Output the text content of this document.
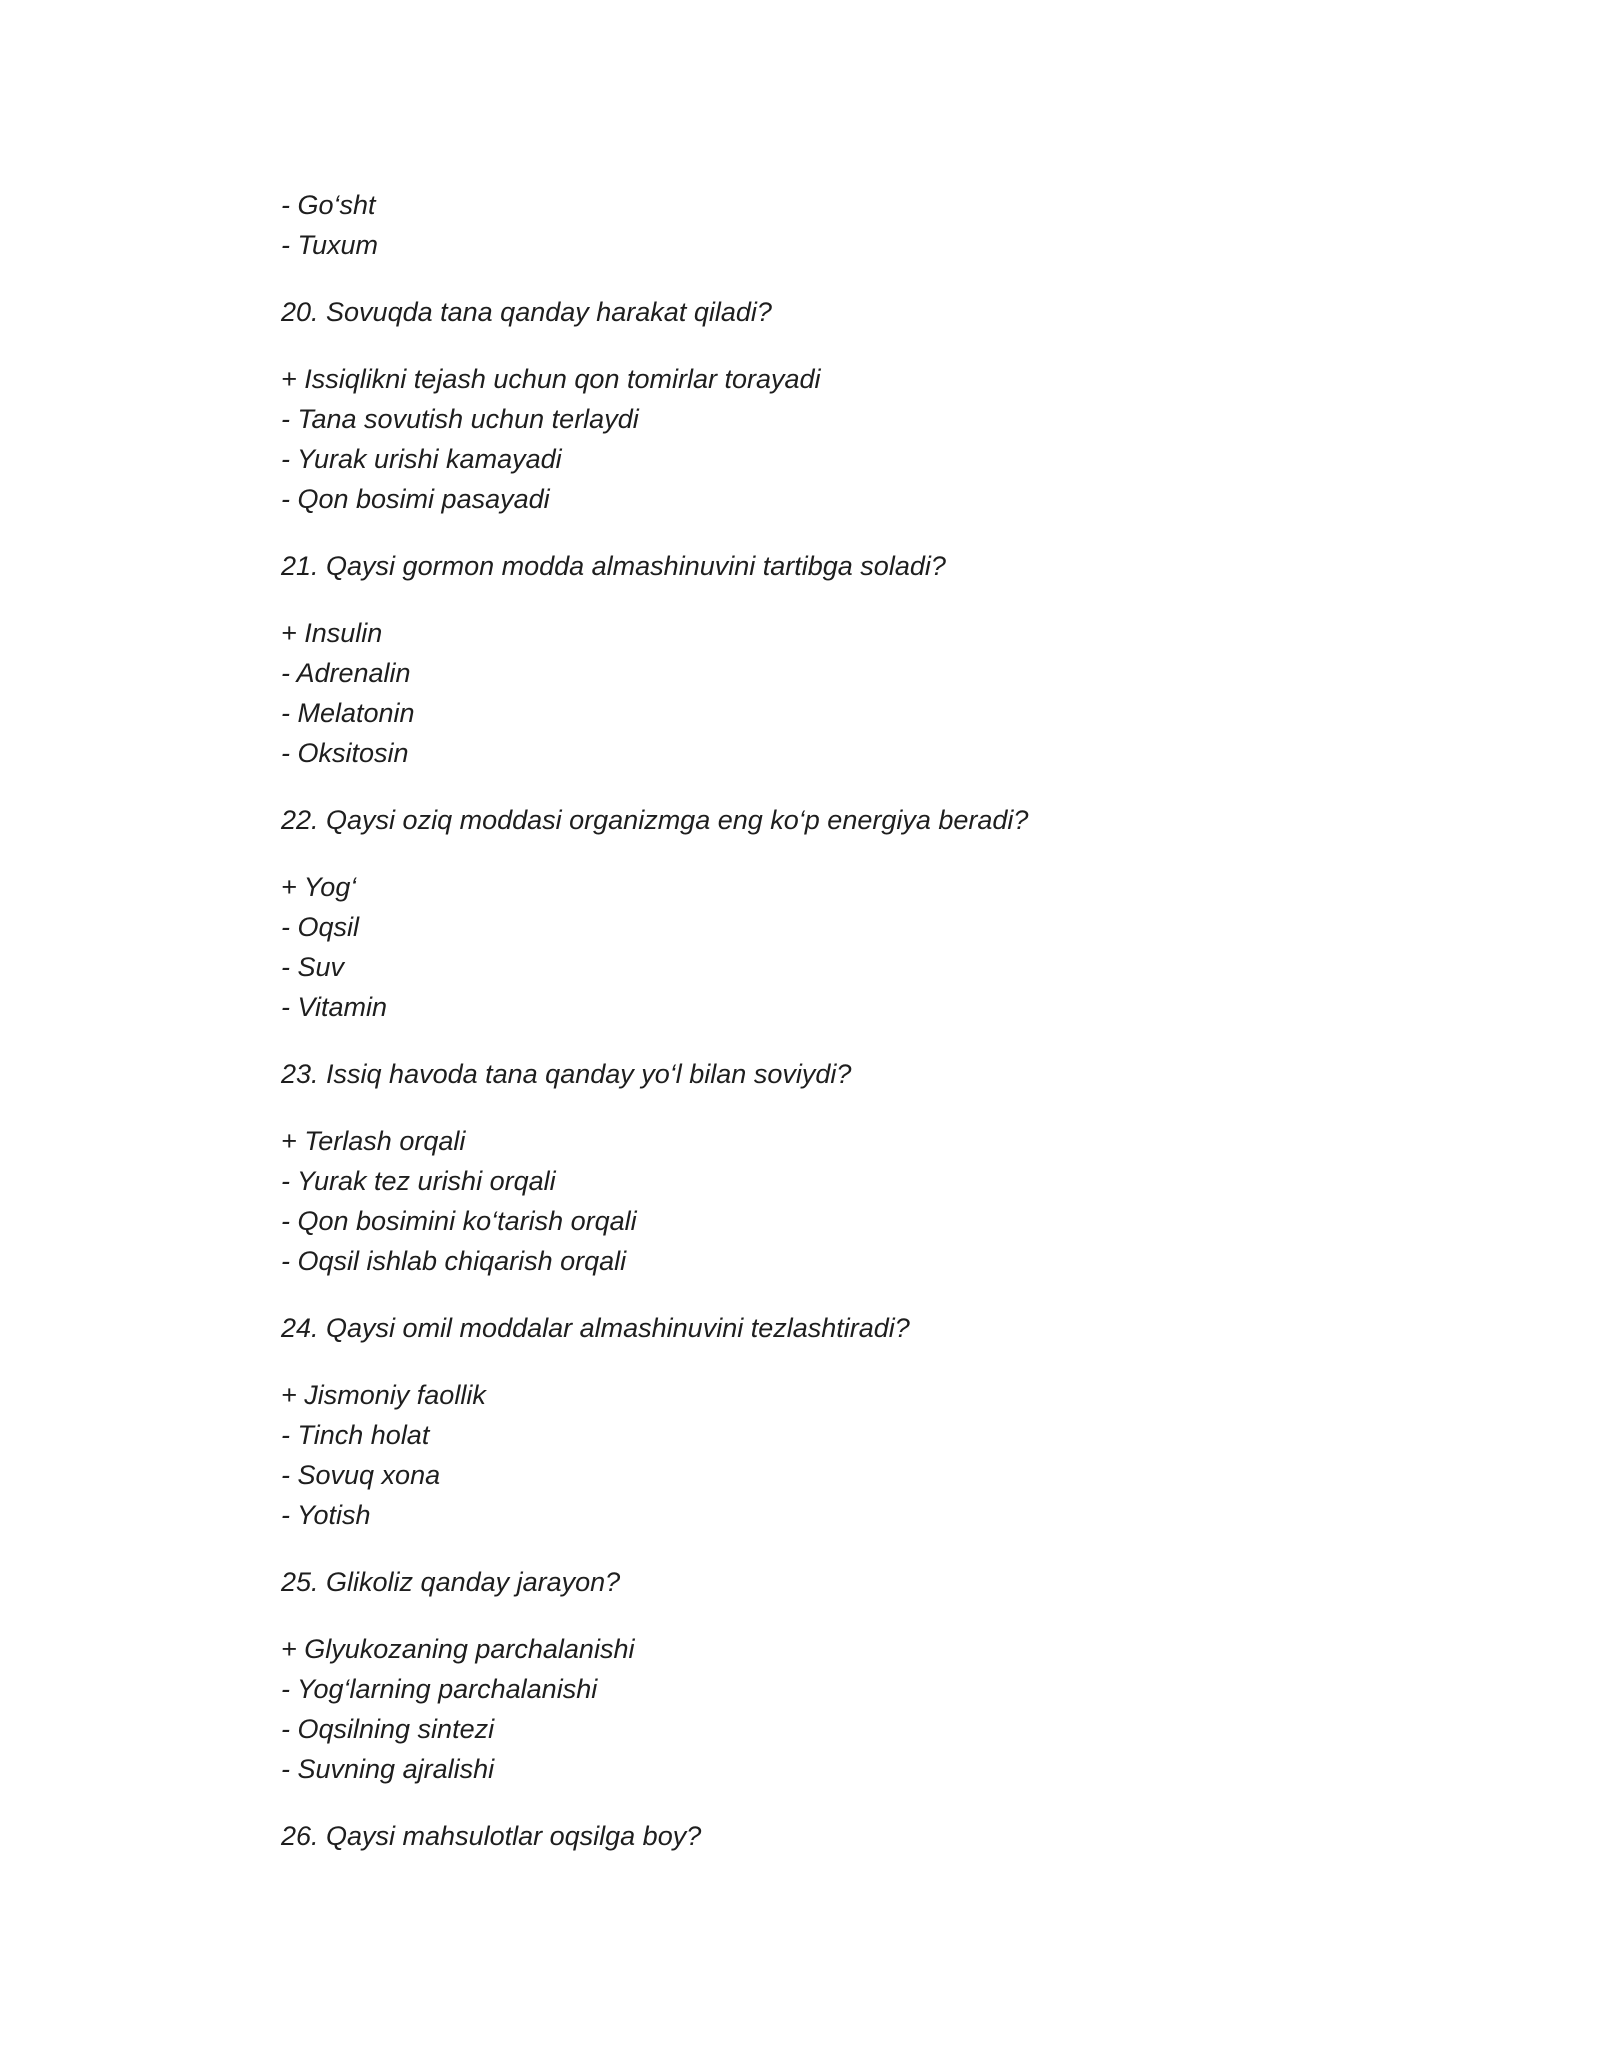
- Go‘sht
- Tuxum
20. Sovuqda tana qanday harakat qiladi?
+ Issiqlikni tejash uchun qon tomirlar torayadi
- Tana sovutish uchun terlaydi
- Yurak urishi kamayadi
- Qon bosimi pasayadi
21. Qaysi gormon modda almashinuvini tartibga soladi?
+ Insulin
- Adrenalin
- Melatonin
- Oksitosin
22. Qaysi oziq moddasi organizmga eng ko‘p energiya beradi?
+ Yog‘
- Oqsil
- Suv
- Vitamin
23. Issiq havoda tana qanday yo‘l bilan soviydi?
+ Terlash orqali
- Yurak tez urishi orqali
- Qon bosimini ko‘tarish orqali
- Oqsil ishlab chiqarish orqali
24. Qaysi omil moddalar almashinuvini tezlashtiradi?
+ Jismoniy faollik
- Tinch holat
- Sovuq xona
- Yotish
25. Glikoliz qanday jarayon?
+ Glyukozaning parchalanishi
- Yog‘larning parchalanishi
- Oqsilning sintezi
- Suvning ajralishi
26. Qaysi mahsulotlar oqsilga boy?
